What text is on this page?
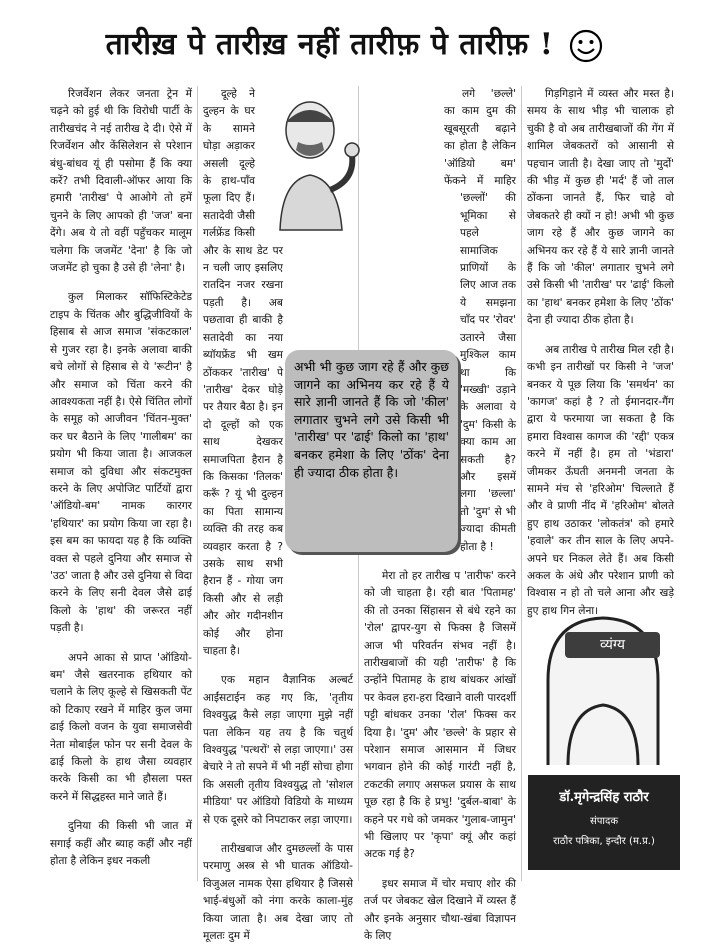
तारीख़ पे तारीख़ नहीं तारीफ़ पे तारीफ़ !

रिजर्वेशन लेकर जनता ट्रेन में चढ़ने को हुई थी कि विरोधी पार्टी के तारीखचंद ने नई तारीख दे दी। ऐसे में रिजर्वेशन और केंसिलेशन से परेशान बंधु-बांधव यूं ही पसोमा हैं कि क्या करें? तभी दिवाली-ऑफर आया कि हमारी 'तारीख' पे आओगे तो हमें चुनने के लिए आपको ही 'जज' बना देंगे। अब ये तो वहीं पहुँचकर मालूम चलेगा कि जजमेंट 'देना' है कि जो जजमेंट हो चुका है उसे ही 'लेना' है।

कुल मिलाकर सॉफिस्टिकेटेड टाइप के चिंतक और बुद्धिजीवियों के हिसाब से आज समाज 'संकटकाल' से गुजर रहा है। इनके अलावा बाकी बचे लोगों से हिसाब से ये 'रूटीन' है और समाज को चिंता करने की आवश्यकता नहीं है। ऐसे चिंतित लोगों के समूह को आजीवन 'चिंतन-मुक्त' कर घर बैठाने के लिए 'गालीबम' का प्रयोग भी किया जाता है। आजकल समाज को दुविधा और संकटमुक्त करने के लिए अपोजिट पार्टियों द्वारा 'ऑडियो-बम' नामक कारगर 'हथियार' का प्रयोग किया जा रहा है। इस बम का फायदा यह है कि व्यक्ति वक्त से पहले दुनिया और समाज से 'उठ' जाता है और उसे दुनिया से विदा करने के लिए सनी देवल जैसे ढाई किलो के 'हाथ' की जरूरत नहीं पड़ती है।

अपने आका से प्राप्त 'ऑडियो-बम' जैसे खतरनाक हथियार को चलाने के लिए कूल्हे से खिसकती पेंट को टिकाए रखने में माहिर कुल जमा ढाई किलो वजन के युवा समाजसेवी नेता मोबाईल फोन पर सनी देवल के ढाई किलो के हाथ जैसा व्यवहार करके किसी का भी हौसला पस्त करने में सिद्धहस्त माने जाते हैं।

दुनिया की किसी भी जात में सगाई कहीं और ब्याह कहीं और नहीं होता है लेकिन इधर नकली

दूल्हे ने दुल्हन के घर के सामने घोड़ा अड़ाकर असली दूल्हे के हाथ-पाँव फूला दिए हैं। सतादेवी जैसी गर्लफ्रेंड किसी और के साथ डेट पर न चली जाए इसलिए रातदिन नजर रखना पड़ती है। अब पछतावा ही बाकी है सतादेवी का नया ब्यॉयफ्रेंड भी खम ठोंककर 'तारीख' पे 'तारीख' देकर घोड़े पर तैयार बैठा है। इन दो दूल्हों को एक साथ देखकर समाजपिता हैरान है कि किसका 'तिलक' करूँ ? यूं भी दुल्हन का पिता सामान्य व्यक्ति की तरह कब व्यवहार करता है ? उसके साथ सभी हैरान हैं - गोया जग किसी और से लड़ी और ओर गदीनशीन कोई और होना चाहता है।

एक महान वैज्ञानिक अल्बर्ट आईंसटाईन कह गए कि, 'तृतीय विश्वयुद्ध कैसे लड़ा जाएगा मुझे नहीं पता लेकिन यह तय है कि चतुर्थ विश्वयुद्ध 'पत्थरों' से लड़ा जाएगा।' उस बेचारे ने तो सपने में भी नहीं सोचा होगा कि असली तृतीय विश्वयुद्ध तो 'सोशल मीडिया' पर ऑडियो विडियो के माध्यम से एक दूसरे को निपटाकर लड़ा जाएगा।

तारीखबाज और दुमछल्लों के पास परमाणु अस्त्र से भी घातक ऑडियो-विजुअल नामक ऐसा हथियार है जिससे भाई-बंधुओं को नंगा करके काला-मुंह किया जाता है। अब देखा जाए तो मूलतः दुम में

लगे 'छल्ले' का काम दुम की खूबसूरती बढ़ाने का होता है लेकिन 'ऑडियो बम' फेंकने में माहिर 'छल्लों' की भूमिका से पहले सामाजिक प्राणियों के लिए आज तक ये समझना चाँद पर 'रोवर' उतारने जैसा मुश्किल काम था कि 'मख्खी' उड़ाने के अलावा ये 'दुम' किसी के क्या काम आ सकती है? और इसमें लगा 'छल्ला' तो 'दुम' से भी ज्यादा कीमती होता है !

मेरा तो हर तारीख प 'तारीफ' करने को जी चाहता है। रही बात 'पितामह' की तो उनका सिंहासन से बंधे रहने का 'रोल' द्वापर-युग से फिक्स है जिसमें आज भी परिवर्तन संभव नहीं है। तारीखबाजों की यही 'तारीफ' है कि उन्होंने पितामह के हाथ बांधकर आंखों पर केवल हरा-हरा दिखाने वाली पारदर्शी पट्टी बांधकर उनका 'रोल' फिक्स कर दिया है। 'दुम' और 'छल्ले' के प्रहार से परेशान समाज आसमान में जिधर भगवान होने की कोई गारंटी नहीं है, टकटकी लगाए असफल प्रयास के साथ पूछ रहा है कि हे प्रभु! 'दुर्बल-बाबा' के कहने पर गधे को जमकर 'गुलाब-जामुन' भी खिलाए पर 'कृपा' क्यूं और कहां अटक गई है?

इधर समाज में चोर मचाए शोर की तर्ज पर जेबकट खेल दिखाने में व्यस्त हैं और इनके अनुसार चौथा-खंबा विज्ञापन के लिए

गिड़गिड़ाने में व्यस्त और मस्त है। समय के साथ भीड़ भी चालाक हो चुकी है वो अब तारीखबाजों की गेंग में शामिल जेबकतरों को आसानी से पहचान जाती है। देखा जाए तो 'मुर्दो' की भीड़ में कुछ ही 'मर्द' हैं जो ताल ठोंकना जानते हैं, फिर चाहे वो जेबकतरे ही क्यों न हो! अभी भी कुछ जाग रहे हैं और कुछ जागने का अभिनय कर रहे हैं ये सारे ज्ञानी जानते हैं कि जो 'कील' लगातार चुभने लगे उसे किसी भी 'तारीख' पर 'ढाई' किलो का 'हाथ' बनकर हमेशा के लिए 'ठोंक' देना ही ज्यादा ठीक होता है।

अब तारीख पे तारीख मिल रही है। कभी इन तारीखों पर किसी ने 'जज' बनकर ये पूछ लिया कि 'समर्थन' का 'कागज' कहां है ? तो ईमानदार-गैंग द्वारा ये फरमाया जा सकता है कि हमारा विश्वास कागज की 'रद्दी' एकत्र करने में नहीं है। हम तो 'भंडारा' जीमकर ऊँघती अनमनी जनता के सामने मंच से 'हरिओम' चिल्लाते हैं और वे प्राणी नींद में 'हरिओम' बोलते हुए हाथ उठाकर 'लोकतंत्र' को हमारे 'हवाले' कर तीन साल के लिए अपने-अपने घर निकल लेते हैं। अब किसी अकल के अंधे और परेशान प्राणी को विश्वास न हो तो चले आना और खड़े हुए हाथ गिन लेना।

अभी भी कुछ जाग रहे हैं और कुछ जागने का अभिनय कर रहे हैं ये सारे ज्ञानी जानते हैं कि जो 'कील' लगातार चुभने लगे उसे किसी भी 'तारीख' पर 'ढाई' किलो का 'हाथ' बनकर हमेशा के लिए 'ठोंक' देना ही ज्यादा ठीक होता है।
व्यंग्य
डॉ.मृगेन्द्रसिंह राठौर
संपादक
राठौर पत्रिका, इन्दौर (म.प्र.)
